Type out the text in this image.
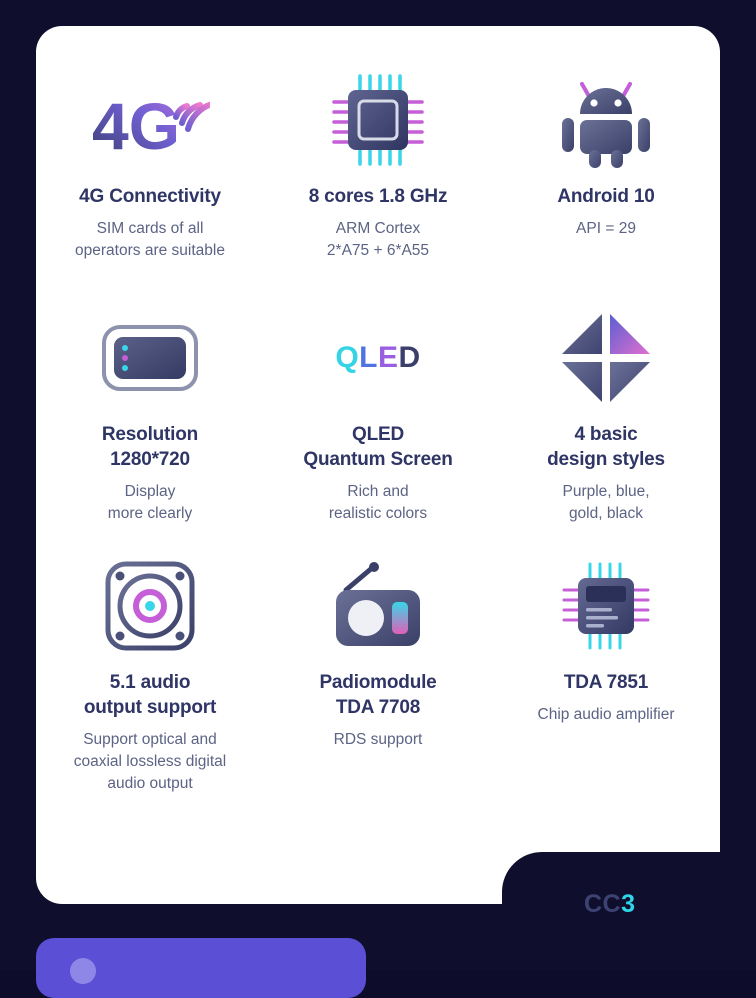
4G
4G Connectivity
SIM cards of all
operators are suitable
8 cores 1.8 GHz
ARM Cortex
2*A75 + 6*A55
Android 10
API = 29
Resolution
1280*720
Display
more clearly
Q L E D
QLED
Quantum Screen
Rich and
realistic colors
4 basic
design styles
Purple, blue,
gold, black
5.1 audio
output support
Support optical and
coaxial lossless digital
audio output
Padiomodule
TDA 7708
RDS support
TDA 7851
Chip audio amplifier
CC3
